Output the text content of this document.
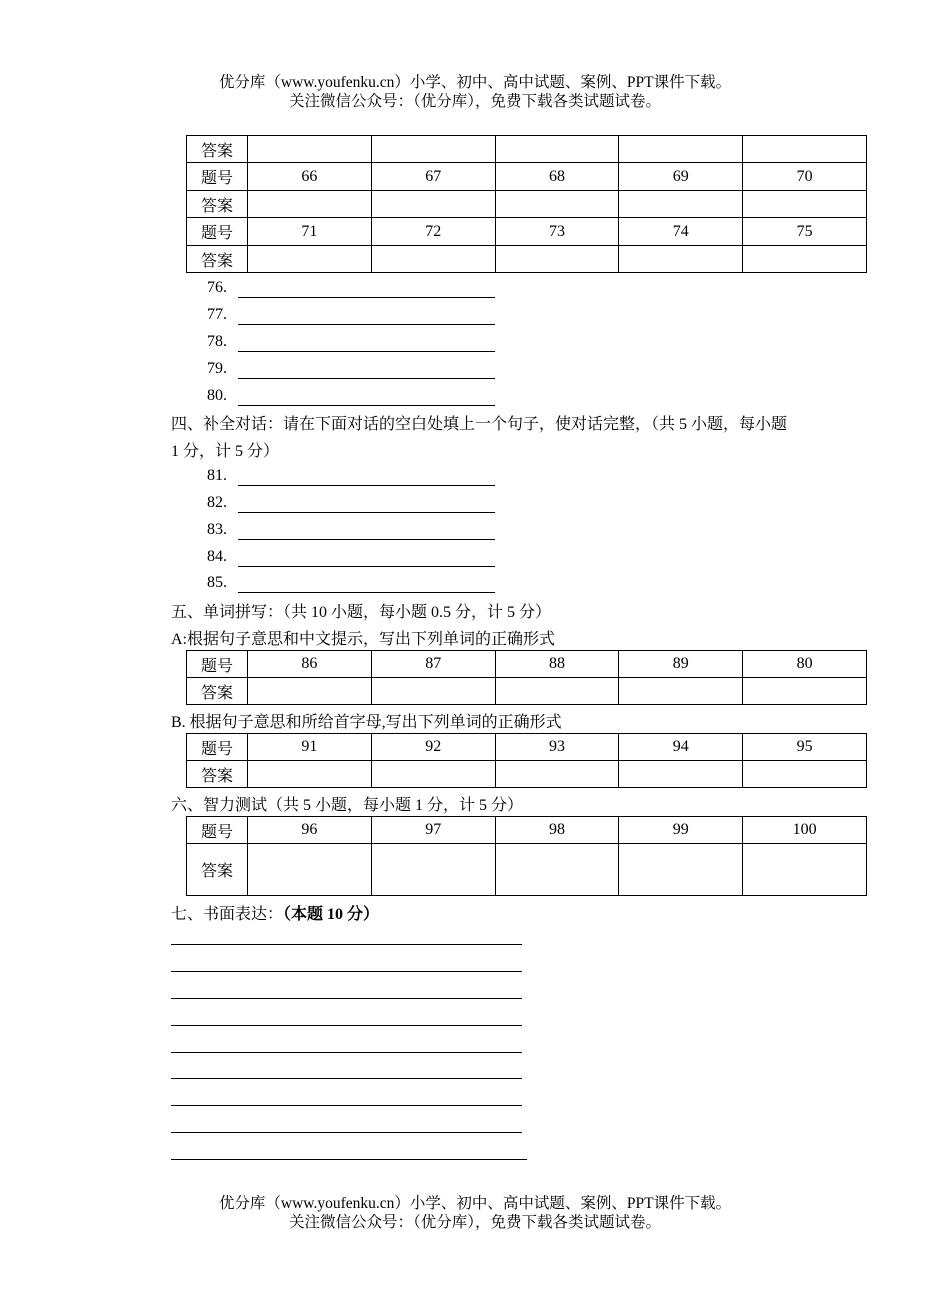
优分库（www.youfenku.cn）小学、初中、高中试题、案例、PPT课件下载。
关注微信公众号：（优分库），免费下载各类试题试卷。
答案					
题号	66	67	68	69	70
答案					
题号	71	72	73	74	75
答案					
76.
77.
78.
79.
80.
四、补全对话：请在下面对话的空白处填上一个句子，使对话完整，（共 5 小题，每小题
1 分，计 5 分）
81.
82.
83.
84.
85.
五、单词拼写：（共 10 小题，每小题 0.5 分，计 5 分）
A:根据句子意思和中文提示，写出下列单词的正确形式
题号	86	87	88	89	80
答案					
B. 根据句子意思和所给首字母,写出下列单词的正确形式
题号	91	92	93	94	95
答案					
六、智力测试（共 5 小题，每小题 1 分，计 5 分）
题号	96	97	98	99	100
答案					
七、书面表达：（本题 10 分）
优分库（www.youfenku.cn）小学、初中、高中试题、案例、PPT课件下载。
关注微信公众号：（优分库），免费下载各类试题试卷。
